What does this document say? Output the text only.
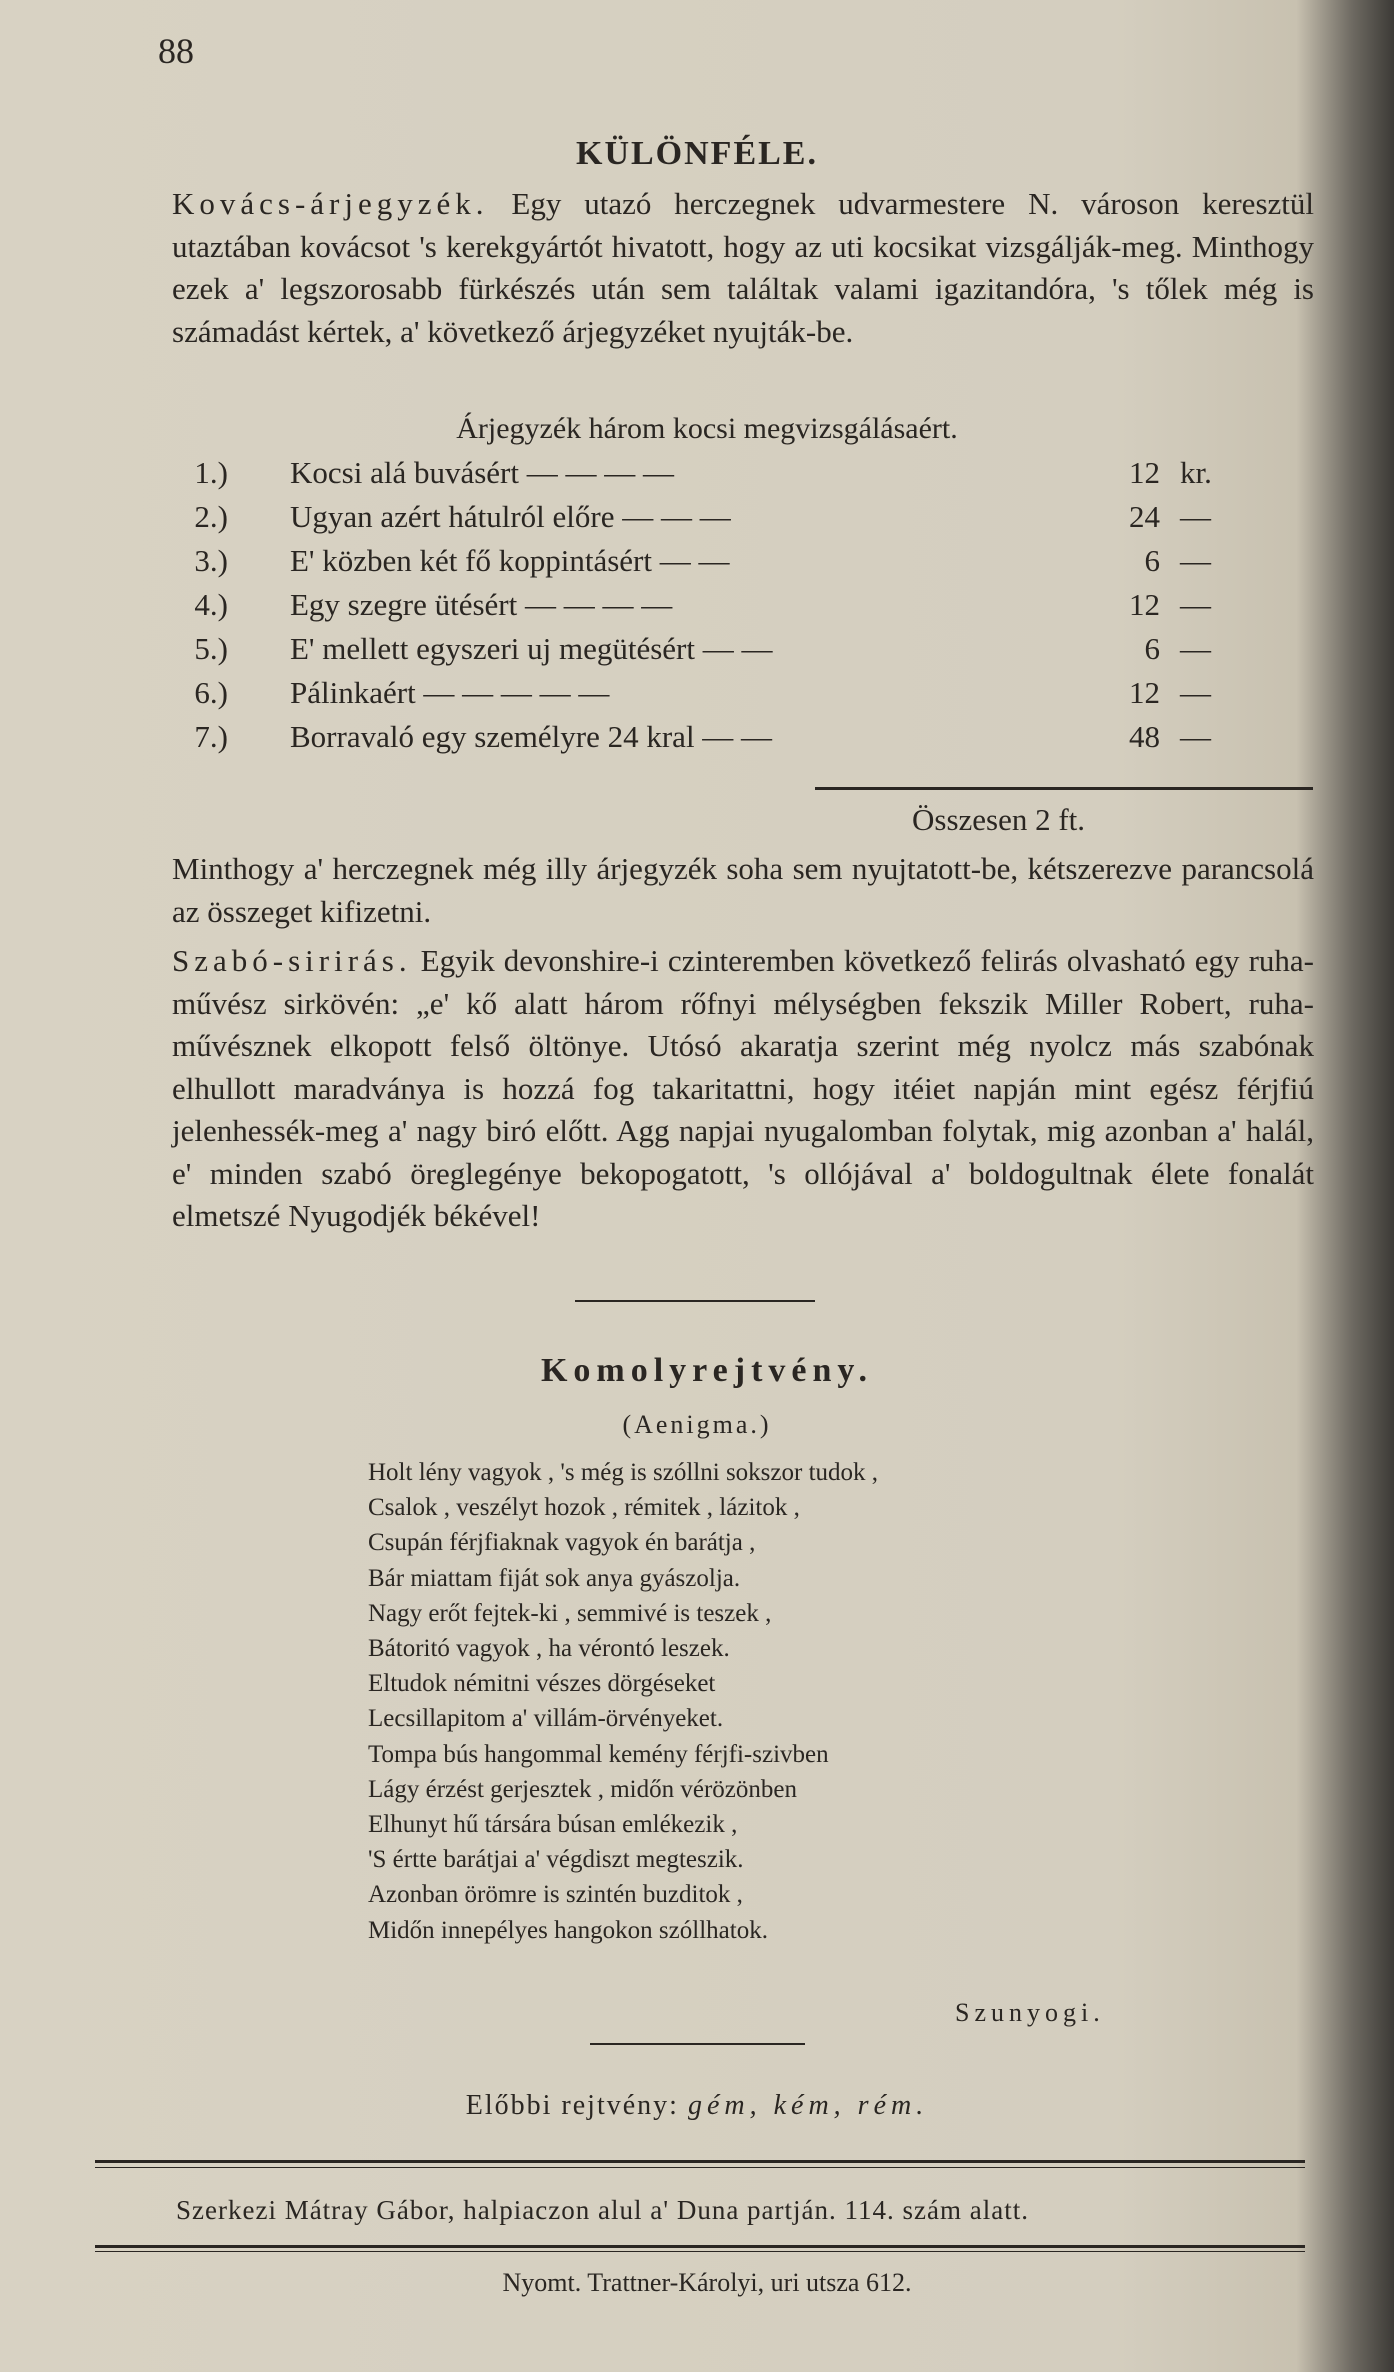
88
KÜLÖNFÉLE.

Kovács-árjegyzék. Egy utazó herczegnek udvarmestere N. városon keresztül utaztában kovácsot 's kerekgyártót hivatott, hogy az uti kocsikat vizsgálják-meg. Minthogy ezek a' legszorosabb fürkészés után sem találtak valami igazitandóra, 's tőlek még is számadást kértek, a' következő árjegyzéket nyujták-be.

Árjegyzék három kocsi megvizsgálásaért.
1.) Kocsi alá buvásért — — — —	12 kr.
2.) Ugyan azért hátulról előre — — —	24 —
3.) E' közben két fő koppintásért — —	6 —
4.) Egy szegre ütésért — — — —	12 —
5.) E' mellett egyszeri uj megütésért — —	6 —
6.) Pálinkaért — — — — —	12 —
7.) Borravaló egy személyre 24 kral — —	48 —
Összesen 2 ft.

Minthogy a' herczegnek még illy árjegyzék soha sem nyujtatott-be, kétszerezve parancsolá az összeget kifizetni.

Szabó-sirirás. Egyik devonshire-i czinteremben következő felirás olvasható egy ruha-művész sirkövén: „e' kő alatt három rőfnyi mélységben fekszik Miller Robert, ruha-művésznek elkopott felső öltönye. Utósó akaratja szerint még nyolcz más szabónak elhullott maradványa is hozzá fog takaritattni, hogy itéiet napján mint egész férjfiú jelenhessék-meg a' nagy biró előtt. Agg napjai nyugalomban folytak, mig azonban a' halál, e' minden szabó öreglegénye bekopogatott, 's ollójával a' boldogultnak élete fonalát elmetszé Nyugodjék békével!

Komolyrejtvény.
(Aenigma.)
Holt lény vagyok , 's még is szóllni sokszor tudok ,
Csalok , veszélyt hozok , rémitek , lázitok ,
Csupán férjfiaknak vagyok én barátja ,
Bár miattam fiját sok anya gyászolja.
Nagy erőt fejtek-ki , semmivé is teszek ,
Bátoritó vagyok , ha vérontó leszek.
Eltudok némitni vészes dörgéseket
Lecsillapitom a' villám-örvényeket.
Tompa bús hangommal kemény férjfi-szivben
Lágy érzést gerjesztek , midőn vérözönben
Elhunyt hű társára búsan emlékezik ,
'S értte barátjai a' végdiszt megteszik.
Azonban örömre is szintén buzditok ,
Midőn innepélyes hangokon szóllhatok.
Szunyogi.
Előbbi rejtvény: gém, kém, rém.
Szerkezi Mátray Gábor, halpiaczon alul a' Duna partján. 114. szám alatt.
Nyomt. Trattner-Károlyi, uri utsza 612.
